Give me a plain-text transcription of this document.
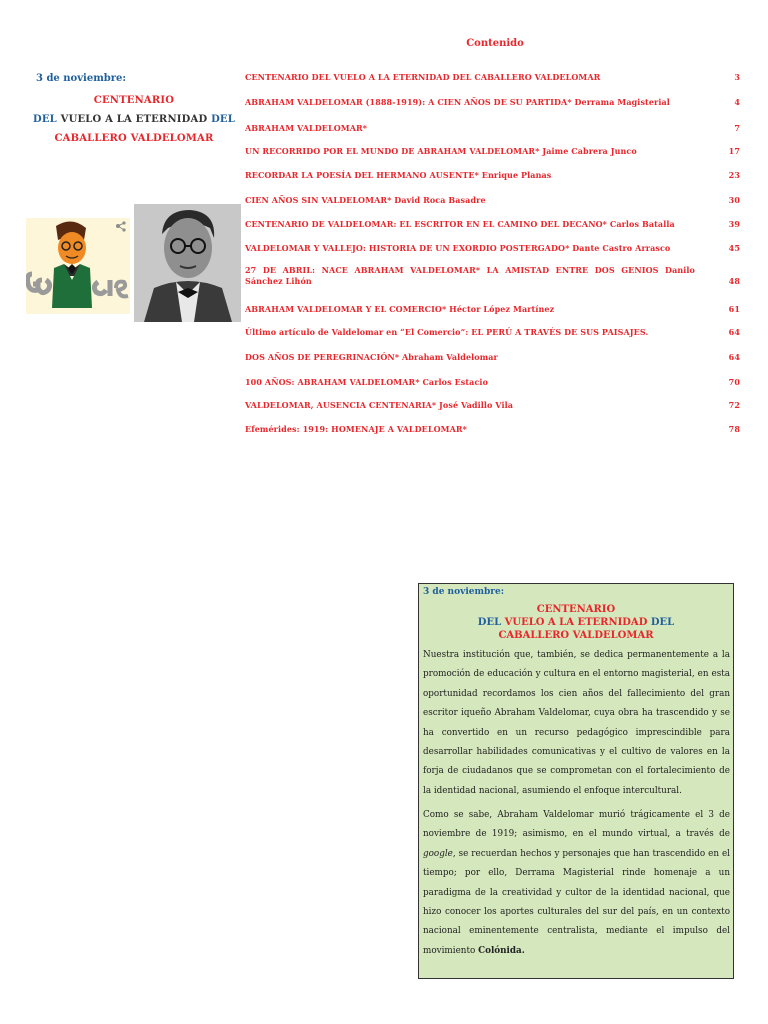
Contenido
3 de noviembre:
CENTENARIO
DEL VUELO A LA ETERNIDAD DEL
CABALLERO VALDELOMAR
CENTENARIO DEL VUELO A LA ETERNIDAD DEL CABALLERO VALDELOMAR	3
ABRAHAM VALDELOMAR (1888-1919): A CIEN AÑOS DE SU PARTIDA* Derrama Magisterial	4
ABRAHAM VALDELOMAR*	7
UN RECORRIDO POR EL MUNDO DE ABRAHAM VALDELOMAR* Jaime Cabrera Junco	17
RECORDAR LA POESÍA DEL HERMANO AUSENTE* Enrique Planas	23
CIEN AÑOS SIN VALDELOMAR* David Roca Basadre	30
CENTENARIO DE VALDELOMAR: EL ESCRITOR EN EL CAMINO DEL DECANO* Carlos Batalla	39
VALDELOMAR Y VALLEJO: HISTORIA DE UN EXORDIO POSTERGADO* Dante Castro Arrasco	45
27 DE ABRIL: NACE ABRAHAM VALDELOMAR* LA AMISTAD ENTRE DOS GENIOS Danilo Sánchez Lihón	48
ABRAHAM VALDELOMAR Y EL COMERCIO* Héctor López Martínez	61
Último artículo de Valdelomar en “El Comercio”: EL PERÚ A TRAVÉS DE SUS PAISAJES.	64
DOS AÑOS DE PEREGRINACIÓN* Abraham Valdelomar	64
100 AÑOS: ABRAHAM VALDELOMAR* Carlos Estacio	70
VALDELOMAR, AUSENCIA CENTENARIA* José Vadillo Vila	72
Efemérides: 1919: HOMENAJE A VALDELOMAR*	78
3 de noviembre:
CENTENARIO
DEL VUELO A LA ETERNIDAD DEL
CABALLERO VALDELOMAR
Nuestra institución que, también, se dedica permanentemente a la promoción de educación y cultura en el entorno magisterial, en esta oportunidad recordamos los cien años del fallecimiento del gran escritor iqueño Abraham Valdelomar, cuya obra ha trascendido y se ha convertido en un recurso pedagógico imprescindible para desarrollar habilidades comunicativas y el cultivo de valores en la forja de ciudadanos que se comprometan con el fortalecimiento de la identidad nacional, asumiendo el enfoque intercultural.
Como se sabe, Abraham Valdelomar murió trágicamente el 3 de noviembre de 1919; asimismo, en el mundo virtual, a través de google, se recuerdan hechos y personajes que han trascendido en el tiempo; por ello, Derrama Magisterial rinde homenaje a un paradigma de la creatividad y cultor de la identidad nacional, que hizo conocer los aportes culturales del sur del país, en un contexto nacional eminentemente centralista, mediante el impulso del movimiento Colónida.
